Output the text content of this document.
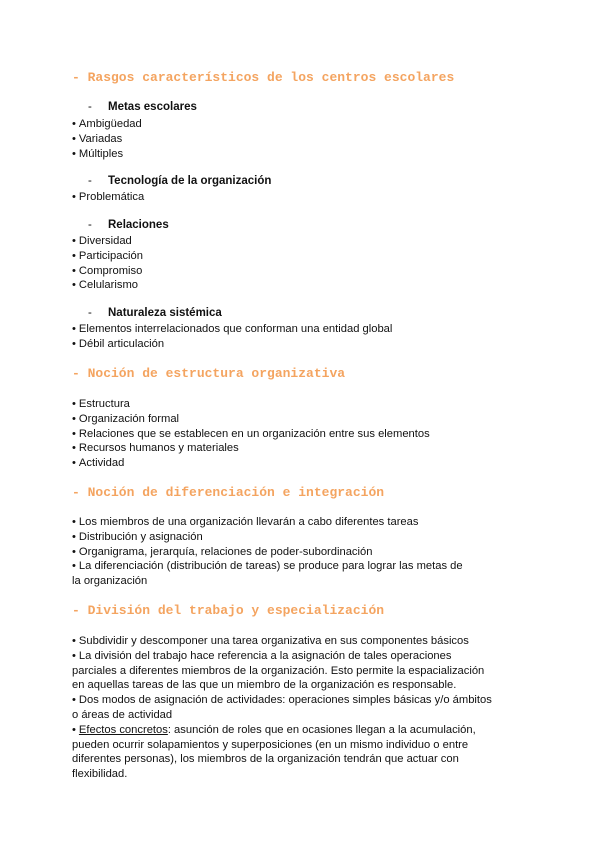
- Rasgos característicos de los centros escolares

- Metas escolares

• Ambigüedad
• Variadas
• Múltiples

- Tecnología de la organización

• Problemática

- Relaciones

• Diversidad
• Participación
• Compromiso
• Celularismo

- Naturaleza sistémica

• Elementos interrelacionados que conforman una entidad global
• Débil articulación
- Noción de estructura organizativa
• Estructura
• Organización formal
• Relaciones que se establecen en un organización entre sus elementos
• Recursos humanos y materiales
• Actividad
- Noción de diferenciación e integración
• Los miembros de una organización llevarán a cabo diferentes tareas
• Distribución y asignación
• Organigrama, jerarquía, relaciones de poder-subordinación
• La diferenciación (distribución de tareas) se produce para lograr las metas de la organización
- División del trabajo y especialización
• Subdividir y descomponer una tarea organizativa en sus componentes básicos
• La división del trabajo hace referencia a la asignación de tales operaciones parciales a diferentes miembros de la organización. Esto permite la espacialización en aquellas tareas de las que un miembro de la organización es responsable.
• Dos modos de asignación de actividades: operaciones simples básicas y/o ámbitos o áreas de actividad
• Efectos concretos: asunción de roles que en ocasiones llegan a la acumulación, pueden ocurrir solapamientos y superposiciones (en un mismo individuo o entre diferentes personas), los miembros de la organización tendrán que actuar con flexibilidad.
